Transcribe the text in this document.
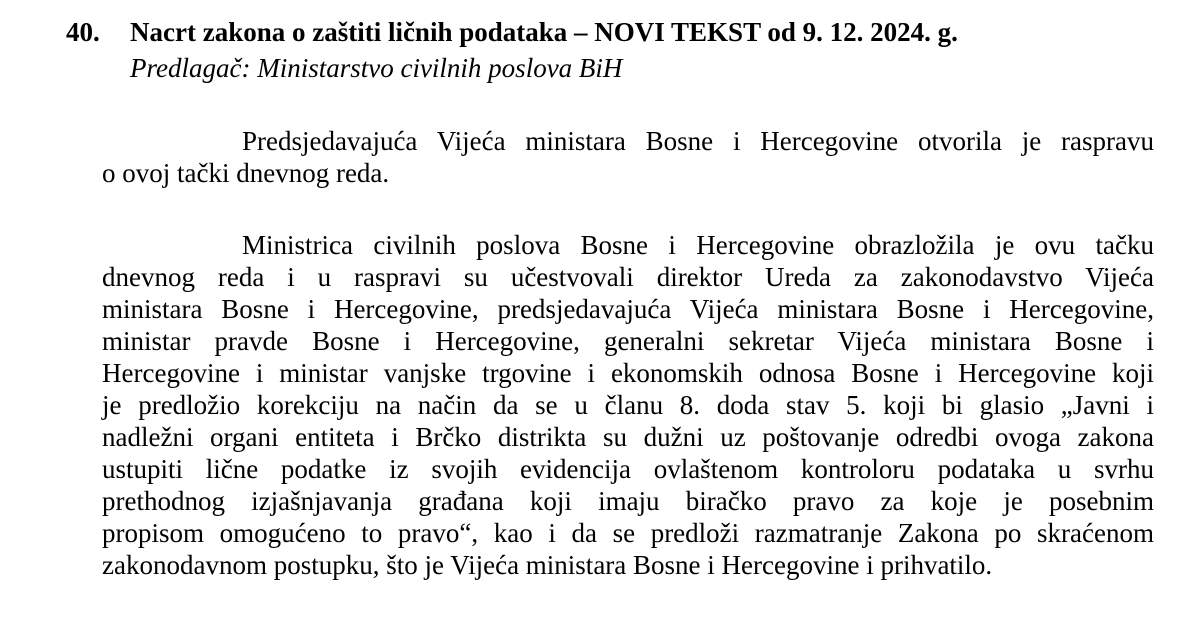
40. Nacrt zakona o zaštiti ličnih podataka – NOVI TEKST od 9. 12. 2024. g.
Predlagač: Ministarstvo civilnih poslova BiH
Predsjedavajuća Vijeća ministara Bosne i Hercegovine otvorila je raspravu
o ovoj tački dnevnog reda.
Ministrica civilnih poslova Bosne i Hercegovine obrazložila je ovu tačku
dnevnog reda i u raspravi su učestvovali direktor Ureda za zakonodavstvo Vijeća
ministara Bosne i Hercegovine, predsjedavajuća Vijeća ministara Bosne i Hercegovine,
ministar pravde Bosne i Hercegovine, generalni sekretar Vijeća ministara Bosne i
Hercegovine i ministar vanjske trgovine i ekonomskih odnosa Bosne i Hercegovine koji
je predložio korekciju na način da se u članu 8. doda stav 5. koji bi glasio „Javni i
nadležni organi entiteta i Brčko distrikta su dužni uz poštovanje odredbi ovoga zakona
ustupiti lične podatke iz svojih evidencija ovlaštenom kontroloru podataka u svrhu
prethodnog izjašnjavanja građana koji imaju biračko pravo za koje je posebnim
propisom omogućeno to pravo“, kao i da se predloži razmatranje Zakona po skraćenom
zakonodavnom postupku, što je Vijeća ministara Bosne i Hercegovine i prihvatilo.
